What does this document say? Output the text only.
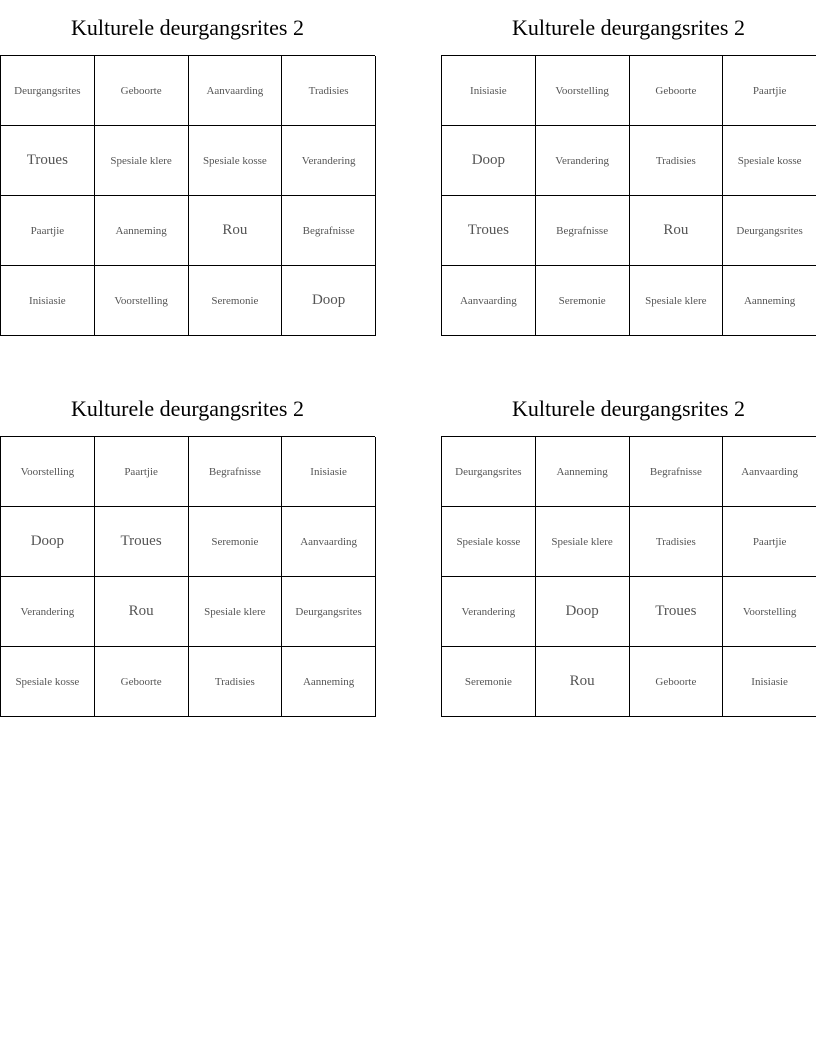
Kulturele deurgangsrites 2
Deurgangsrites	Geboorte	Aanvaarding	Tradisies
Troues	Spesiale klere	Spesiale kosse	Verandering
Paartjie	Aanneming	Rou	Begrafnisse
Inisiasie	Voorstelling	Seremonie	Doop
Kulturele deurgangsrites 2
Inisiasie	Voorstelling	Geboorte	Paartjie
Doop	Verandering	Tradisies	Spesiale kosse
Troues	Begrafnisse	Rou	Deurgangsrites
Aanvaarding	Seremonie	Spesiale klere	Aanneming
Kulturele deurgangsrites 2
Voorstelling	Paartjie	Begrafnisse	Inisiasie
Doop	Troues	Seremonie	Aanvaarding
Verandering	Rou	Spesiale klere	Deurgangsrites
Spesiale kosse	Geboorte	Tradisies	Aanneming
Kulturele deurgangsrites 2
Deurgangsrites	Aanneming	Begrafnisse	Aanvaarding
Spesiale kosse	Spesiale klere	Tradisies	Paartjie
Verandering	Doop	Troues	Voorstelling
Seremonie	Rou	Geboorte	Inisiasie
